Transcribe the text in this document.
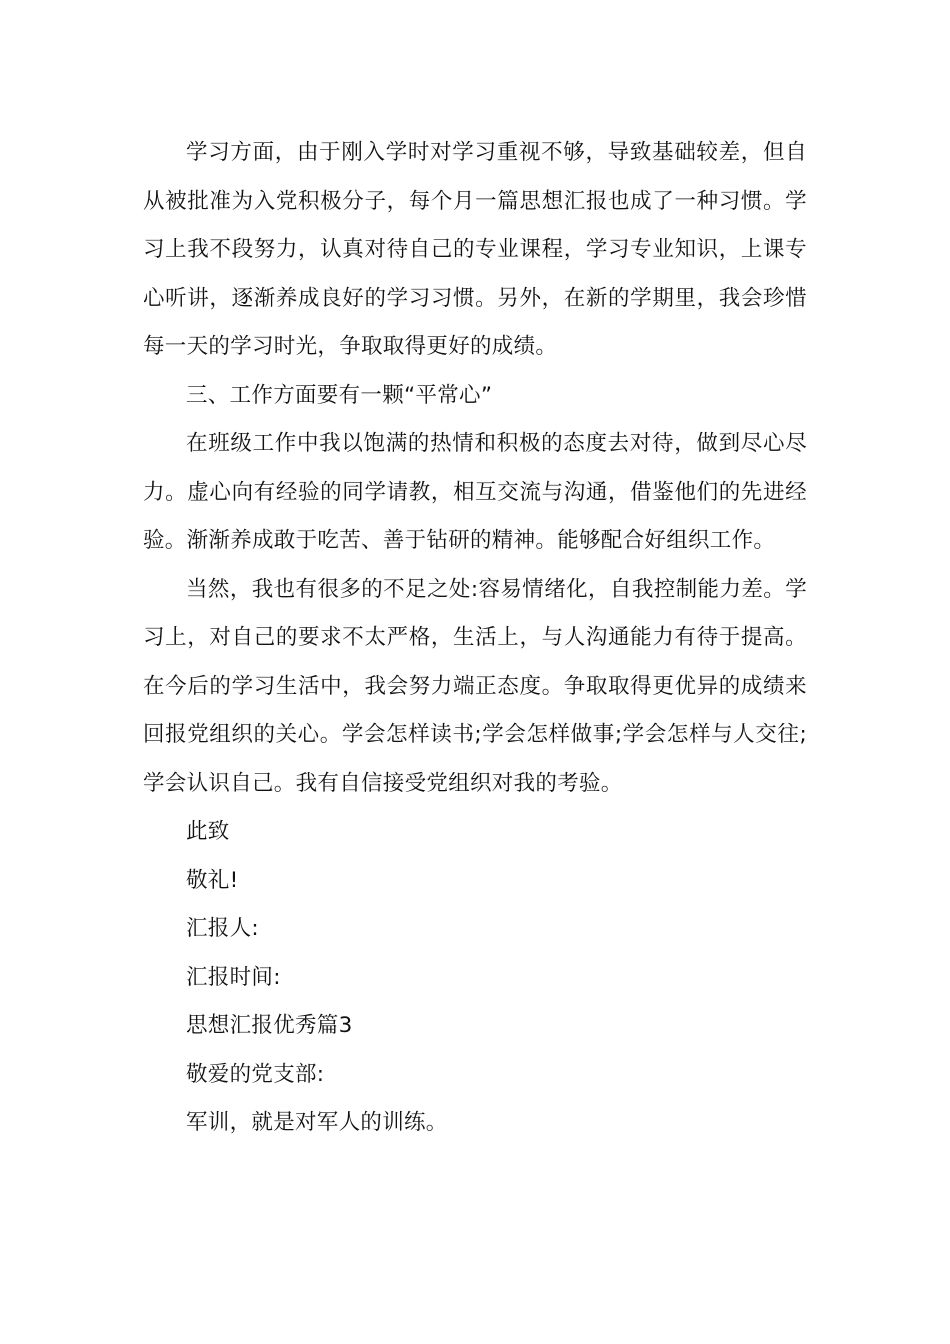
学习方面，由于刚入学时对学习重视不够，导致基础较差，但自从被批准为入党积极分子，每个月一篇思想汇报也成了一种习惯。学习上我不段努力，认真对待自己的专业课程，学习专业知识，上课专心听讲，逐渐养成良好的学习习惯。另外，在新的学期里，我会珍惜每一天的学习时光，争取取得更好的成绩。

三、工作方面要有一颗“平常心”

在班级工作中我以饱满的热情和积极的态度去对待，做到尽心尽力。虚心向有经验的同学请教，相互交流与沟通，借鉴他们的先进经验。渐渐养成敢于吃苦、善于钻研的精神。能够配合好组织工作。

当然，我也有很多的不足之处:容易情绪化，自我控制能力差。学习上，对自己的要求不太严格，生活上，与人沟通能力有待于提高。在今后的学习生活中，我会努力端正态度。争取取得更优异的成绩来回报党组织的关心。学会怎样读书;学会怎样做事;学会怎样与人交往;学会认识自己。我有自信接受党组织对我的考验。

此致

敬礼!

汇报人:

汇报时间:

思想汇报优秀篇3

敬爱的党支部:

军训，就是对军人的训练。
